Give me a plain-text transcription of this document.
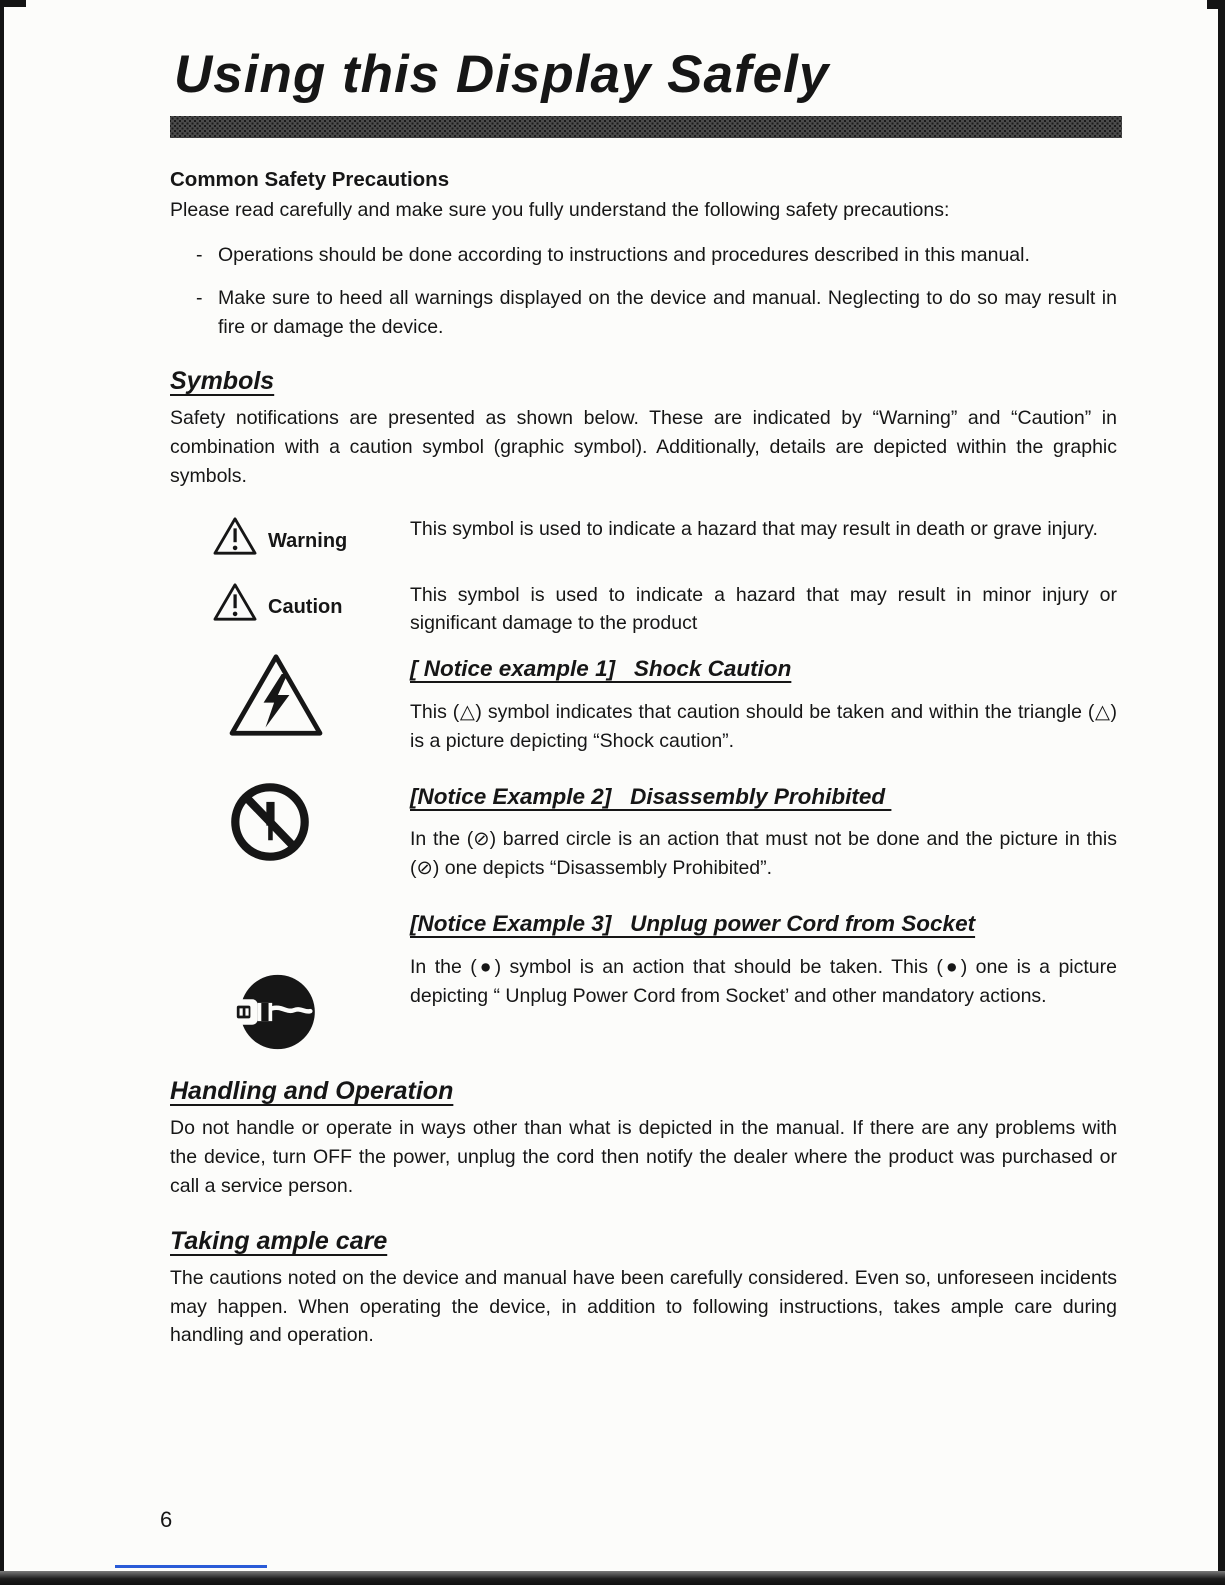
Using this Display Safely
Common Safety Precautions

Please read carefully and make sure you fully understand the following safety precautions:

- Operations should be done according to instructions and procedures described in this manual.
- Make sure to heed all warnings displayed on the device and manual. Neglecting to do so may result in fire or damage the device.
Symbols

Safety notifications are presented as shown below. These are indicated by “Warning” and “Caution” in combination with a caution symbol (graphic symbol). Additionally, details are depicted within the graphic symbols.

Warning
This symbol is used to indicate a hazard that may result in death or grave injury.
Caution
This symbol is used to indicate a hazard that may result in minor injury or significant damage to the product
[ Notice example 1]   Shock Caution

This (△) symbol indicates that caution should be taken and within the triangle (△) is a picture depicting “Shock caution”.

[Notice Example 2]   Disassembly Prohibited

In the (⊘) barred circle is an action that must not be done and the picture in this (⊘) one depicts “Disassembly Prohibited”.

[Notice Example 3]   Unplug power Cord from Socket

In the (●) symbol is an action that should be taken. This (●) one is a picture depicting “ Unplug Power Cord from Socket’ and other mandatory actions.

Handling and Operation

Do not handle or operate in ways other than what is depicted in the manual. If there are any problems with the device, turn OFF the power, unplug the cord then notify the dealer where the product was purchased or call a service person.

Taking ample care

The cautions noted on the device and manual have been carefully considered. Even so, unforeseen incidents may happen. When operating the device, in addition to following instructions, takes ample care during handling and operation.

6
